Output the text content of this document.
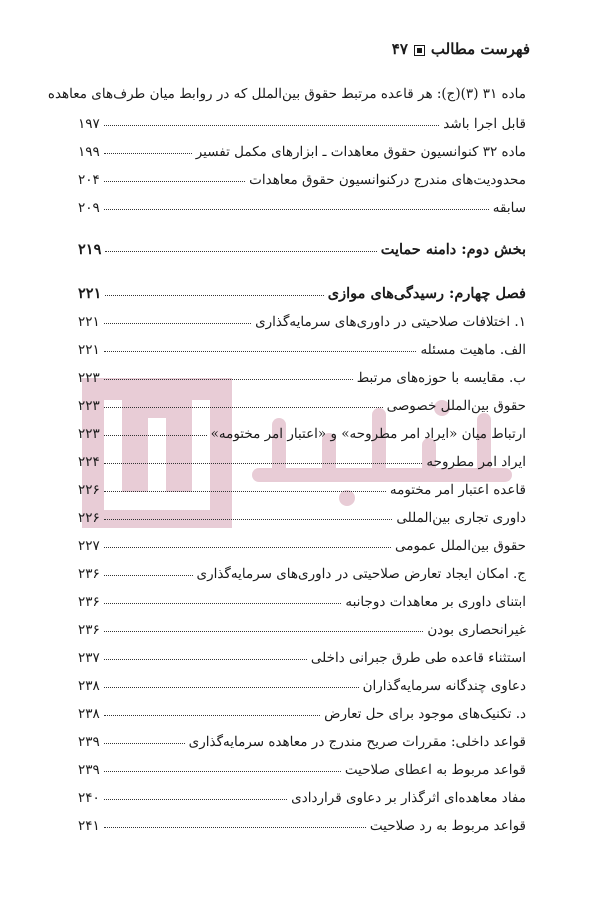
فهرست مطالب۴۷
ماده ۳۱ (۳)(ج): هر قاعده مرتبط حقوق بین‌الملل که در روابط میان طرف‌های معاهده
قابل اجرا باشد
۱۹۷
ماده ۳۲ کنوانسیون حقوق معاهدات ـ ابزارهای مکمل تفسیر
۱۹۹
محدودیت‌های مندرج درکنوانسیون حقوق معاهدات
۲۰۴
سابقه
۲۰۹
بخش دوم: دامنه حمایت
۲۱۹
فصل چهارم: رسیدگی‌های موازی
۲۲۱
۱. اختلافات صلاحیتی در داوری‌های سرمایه‌گذاری
۲۲۱
الف. ماهیت مسئله
۲۲۱
ب. مقایسه با حوزه‌های مرتبط
۲۲۳
حقوق بین‌الملل خصوصی
۲۲۳
ارتباط میان «ایراد امر مطروحه» و «اعتبار امر مختومه»
۲۲۳
ایراد امر مطروحه
۲۲۴
قاعده اعتبار امر مختومه
۲۲۶
داوری تجاری بین‌المللی
۲۲۶
حقوق بین‌الملل عمومی
۲۲۷
ج. امکان ایجاد تعارض صلاحیتی در داوری‌های سرمایه‌گذاری
۲۳۶
ابتنای داوری بر معاهدات دوجانبه
۲۳۶
غیرانحصاری بودن
۲۳۶
استثناء قاعده طی طرق جبرانی داخلی
۲۳۷
دعاوی چندگانه سرمایه‌گذاران
۲۳۸
د. تکنیک‌های موجود برای حل تعارض
۲۳۸
قواعد داخلی: مقررات صریح مندرج در معاهده سرمایه‌گذاری
۲۳۹
قواعد مربوط به اعطای صلاحیت
۲۳۹
مفاد معاهده‌ای اثرگذار بر دعاوی قراردادی
۲۴۰
قواعد مربوط به رد صلاحیت
۲۴۱
